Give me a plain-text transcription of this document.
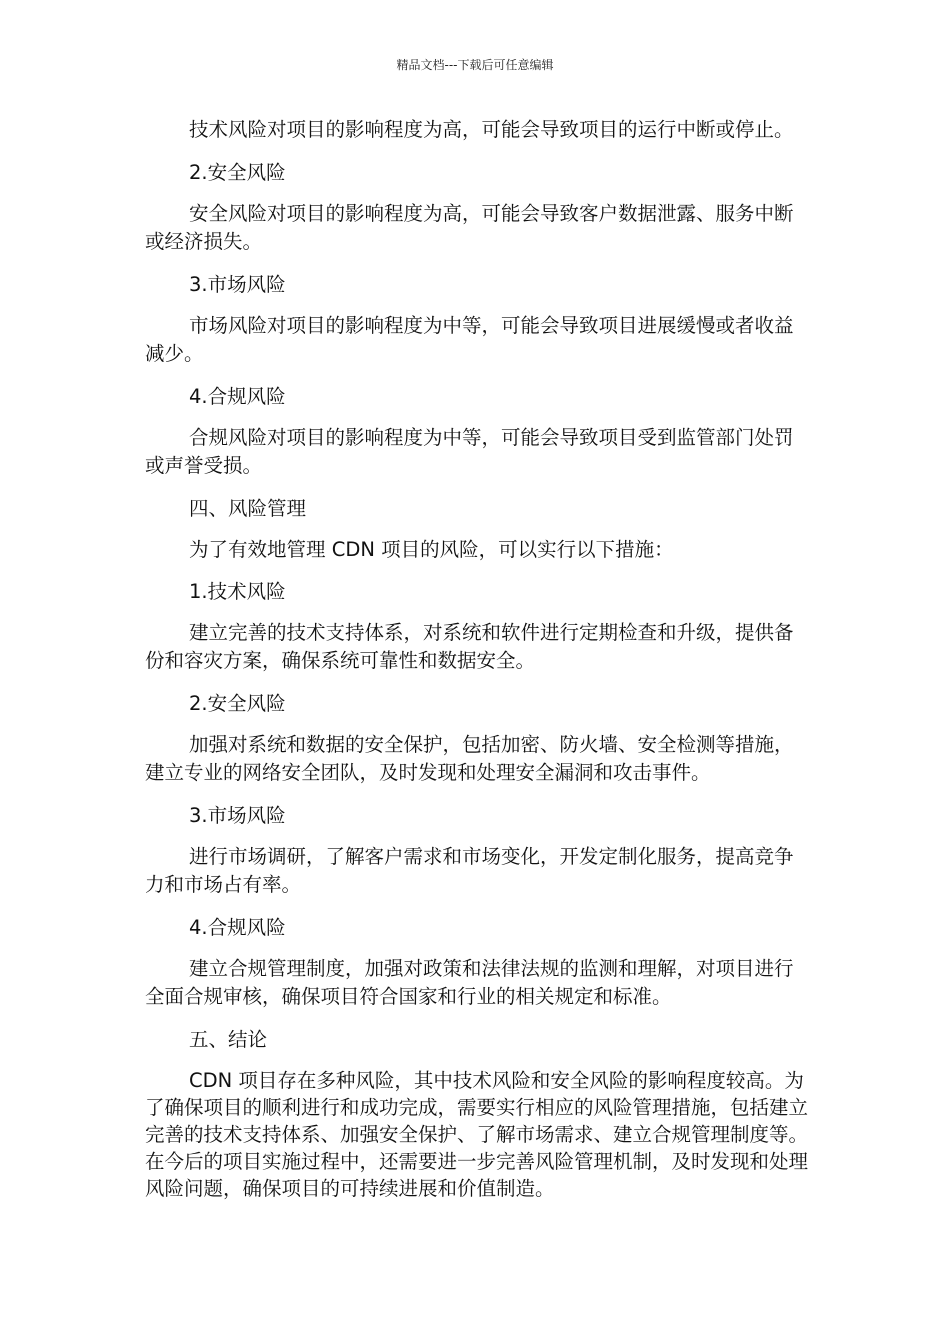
精品文档---下载后可任意编辑

技术风险对项目的影响程度为高，可能会导致项目的运行中断或停止。

2.安全风险

安全风险对项目的影响程度为高，可能会导致客户数据泄露、服务中断或经济损失。

3.市场风险

市场风险对项目的影响程度为中等，可能会导致项目进展缓慢或者收益减少。

4.合规风险

合规风险对项目的影响程度为中等，可能会导致项目受到监管部门处罚或声誉受损。

四、风险管理

为了有效地管理 CDN 项目的风险，可以实行以下措施：

1.技术风险

建立完善的技术支持体系，对系统和软件进行定期检查和升级，提供备份和容灾方案，确保系统可靠性和数据安全。

2.安全风险

加强对系统和数据的安全保护，包括加密、防火墙、安全检测等措施，建立专业的网络安全团队，及时发现和处理安全漏洞和攻击事件。

3.市场风险

进行市场调研，了解客户需求和市场变化，开发定制化服务，提高竞争力和市场占有率。

4.合规风险

建立合规管理制度，加强对政策和法律法规的监测和理解，对项目进行全面合规审核，确保项目符合国家和行业的相关规定和标准。

五、结论

CDN 项目存在多种风险，其中技术风险和安全风险的影响程度较高。为了确保项目的顺利进行和成功完成，需要实行相应的风险管理措施，包括建立完善的技术支持体系、加强安全保护、了解市场需求、建立合规管理制度等。在今后的项目实施过程中，还需要进一步完善风险管理机制，及时发现和处理风险问题，确保项目的可持续进展和价值制造。
